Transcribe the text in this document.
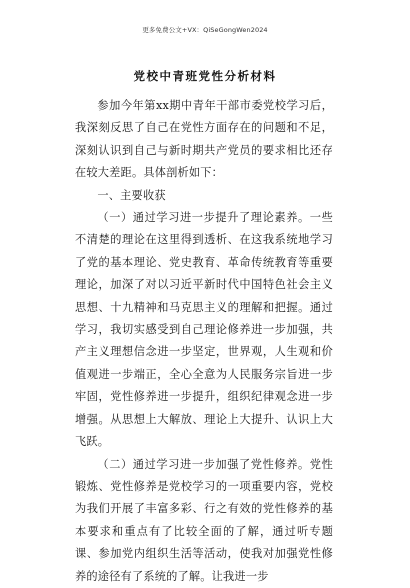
更多免费公文+VX：QiSeGongWen2024
党校中青班党性分析材料

参加今年第xx期中青年干部市委党校学习后，我深刻反思了自己在党性方面存在的问题和不足，深刻认识到自己与新时期共产党员的要求相比还存在较大差距。具体剖析如下：

一、主要收获

（一）通过学习进一步提升了理论素养。一些不清楚的理论在这里得到透析、在这我系统地学习了党的基本理论、党史教育、革命传统教育等重要理论，加深了对以习近平新时代中国特色社会主义思想、十九精神和马克思主义的理解和把握。通过学习，我切实感受到自己理论修养进一步加强，共产主义理想信念进一步坚定，世界观，人生观和价值观进一步端正，全心全意为人民服务宗旨进一步牢固，党性修养进一步提升，组织纪律观念进一步增强。从思想上大解放、理论上大提升、认识上大飞跃。

（二）通过学习进一步加强了党性修养。党性锻炼、党性修养是党校学习的一项重要内容，党校为我们开展了丰富多彩、行之有效的党性修养的基本要求和重点有了比较全面的了解，通过听专题课、参加党内组织生活等活动，使我对加强党性修养的途径有了系统的了解。让我进一步
